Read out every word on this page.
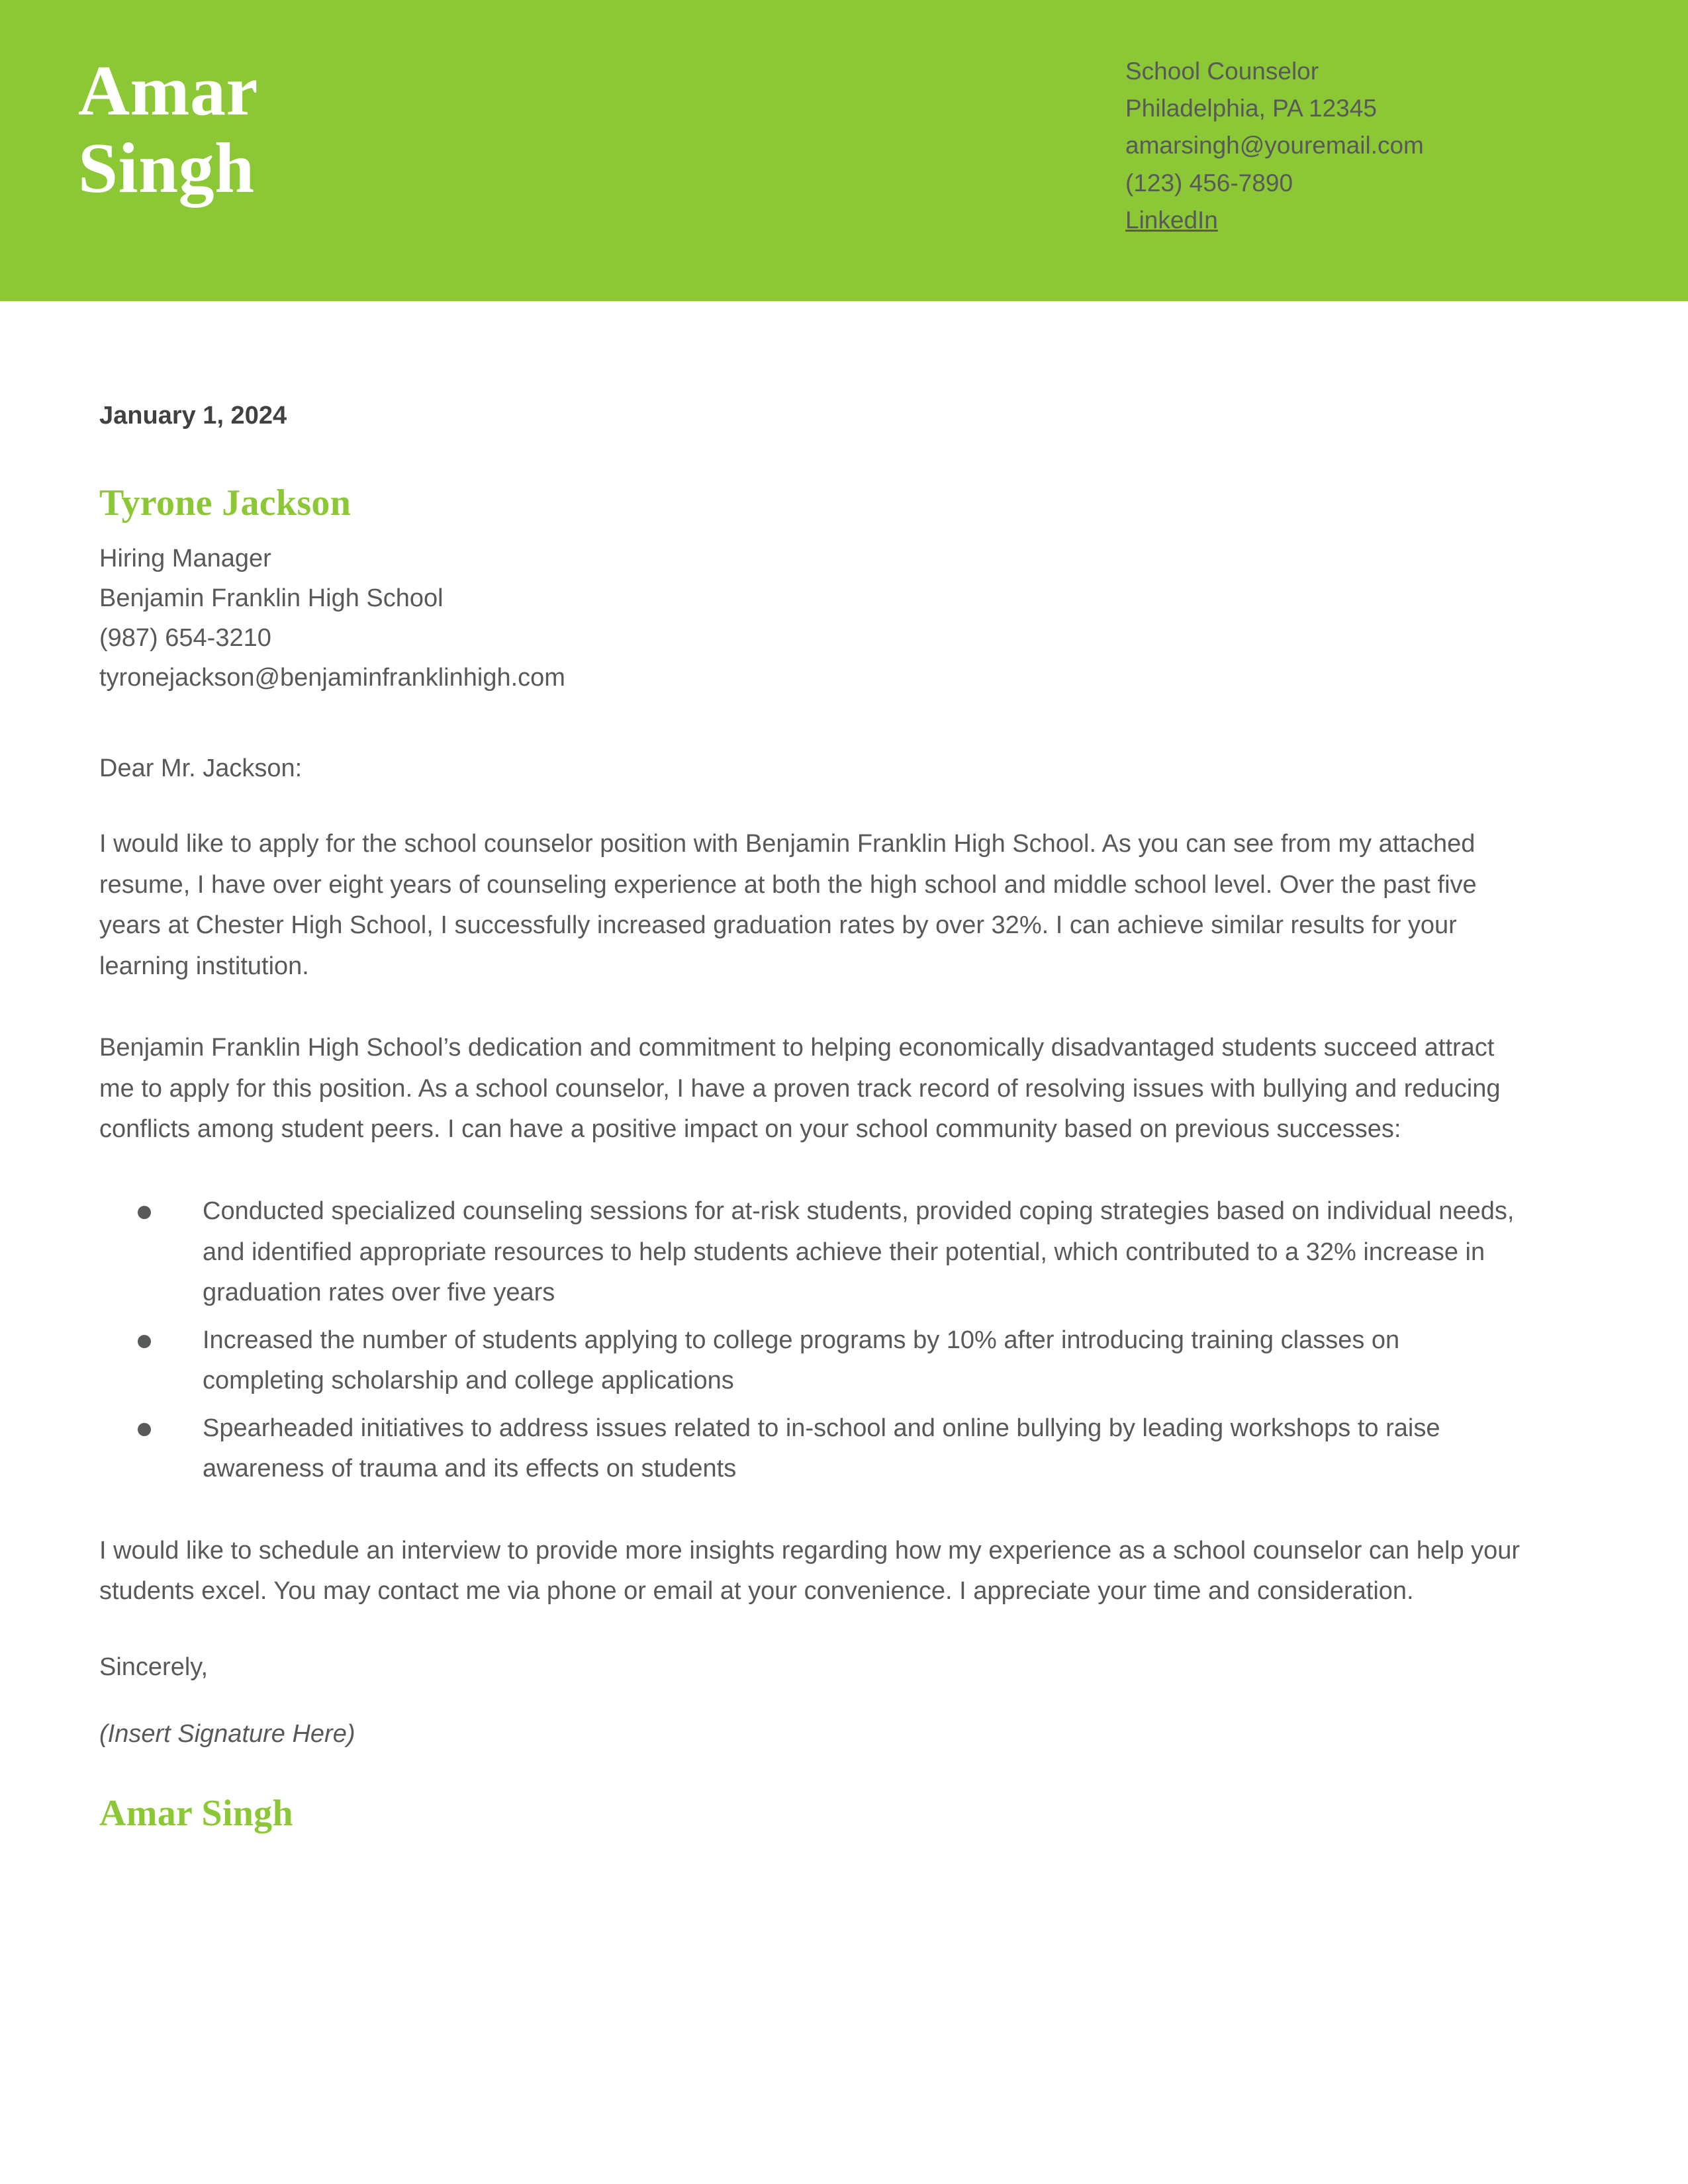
Amar
Singh
School Counselor
Philadelphia, PA 12345
amarsingh@youremail.com
(123) 456-7890
LinkedIn
January 1, 2024
Tyrone Jackson
Hiring Manager
Benjamin Franklin High School
(987) 654-3210
tyronejackson@benjaminfranklinhigh.com
Dear Mr. Jackson:
I would like to apply for the school counselor position with Benjamin Franklin High School. As you can see from my attached resume, I have over eight years of counseling experience at both the high school and middle school level. Over the past five years at Chester High School, I successfully increased graduation rates by over 32%. I can achieve similar results for your learning institution.
Benjamin Franklin High School’s dedication and commitment to helping economically disadvantaged students succeed attract me to apply for this position. As a school counselor, I have a proven track record of resolving issues with bullying and reducing conflicts among student peers. I can have a positive impact on your school community based on previous successes:
Conducted specialized counseling sessions for at-risk students, provided coping strategies based on individual needs, and identified appropriate resources to help students achieve their potential, which contributed to a 32% increase in graduation rates over five years
Increased the number of students applying to college programs by 10% after introducing training classes on completing scholarship and college applications
Spearheaded initiatives to address issues related to in-school and online bullying by leading workshops to raise awareness of trauma and its effects on students
I would like to schedule an interview to provide more insights regarding how my experience as a school counselor can help your students excel. You may contact me via phone or email at your convenience. I appreciate your time and consideration.
Sincerely,
(Insert Signature Here)
Amar Singh
